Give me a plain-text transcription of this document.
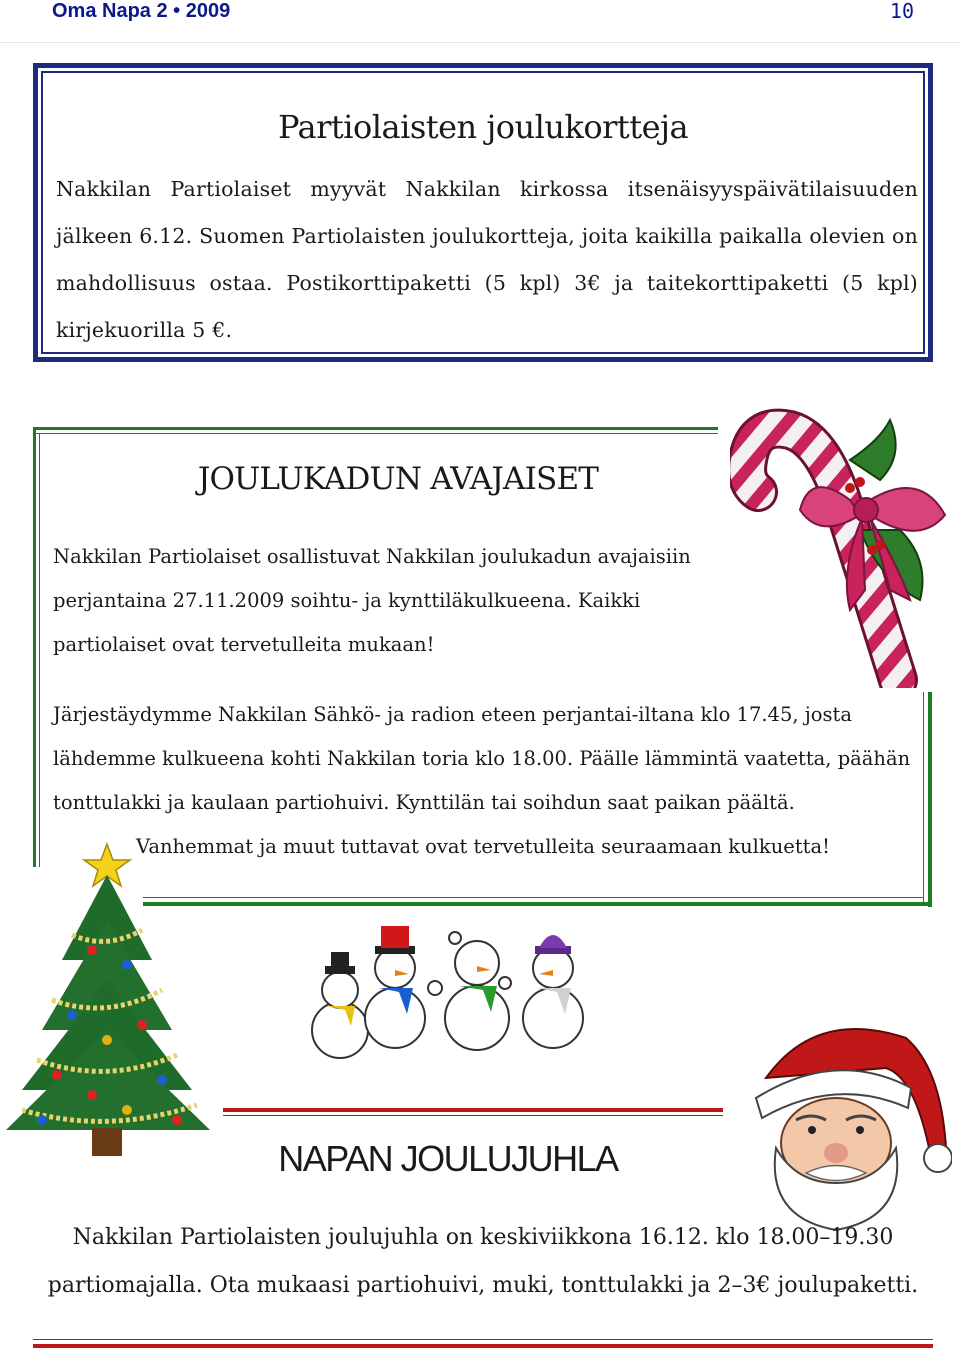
Oma Napa 2 • 2009	10
Partiolaisten joulukortteja
Nakkilan Partiolaiset myyvät Nakkilan kirkossa itsenäisyyspäivätilaisuuden jälkeen 6.12. Suomen Partiolaisten joulukortteja, joita kaikilla paikalla olevien on mahdollisuus ostaa. Postikorttipaketti (5 kpl) 3€ ja taitekorttipaketti (5 kpl) kirjekuorilla 5 €.
JOULUKADUN AVAJAISET
Nakkilan Partiolaiset osallistuvat Nakkilan joulukadun avajaisiin perjantaina 27.11.2009 soihtu- ja kynttiläkulkueena. Kaikki partiolaiset ovat tervetulleita mukaan!
Järjestäydymme Nakkilan Sähkö- ja radion eteen perjantai-iltana klo 17.45, josta lähdemme kulkueena kohti Nakkilan toria klo 18.00. Päälle lämmintä vaatetta, päähän tonttulakki ja kaulaan partiohuivi. Kynttilän tai soihdun saat paikan päältä.
Vanhemmat ja muut tuttavat ovat tervetulleita seuraamaan kulkuetta!
NAPAN JOULUJUHLA
Nakkilan Partiolaisten joulujuhla on keskiviikkona 16.12. klo 18.00–19.30 partiomajalla. Ota mukaasi partiohuivi, muki, tonttulakki ja 2–3€ joulupaketti.
